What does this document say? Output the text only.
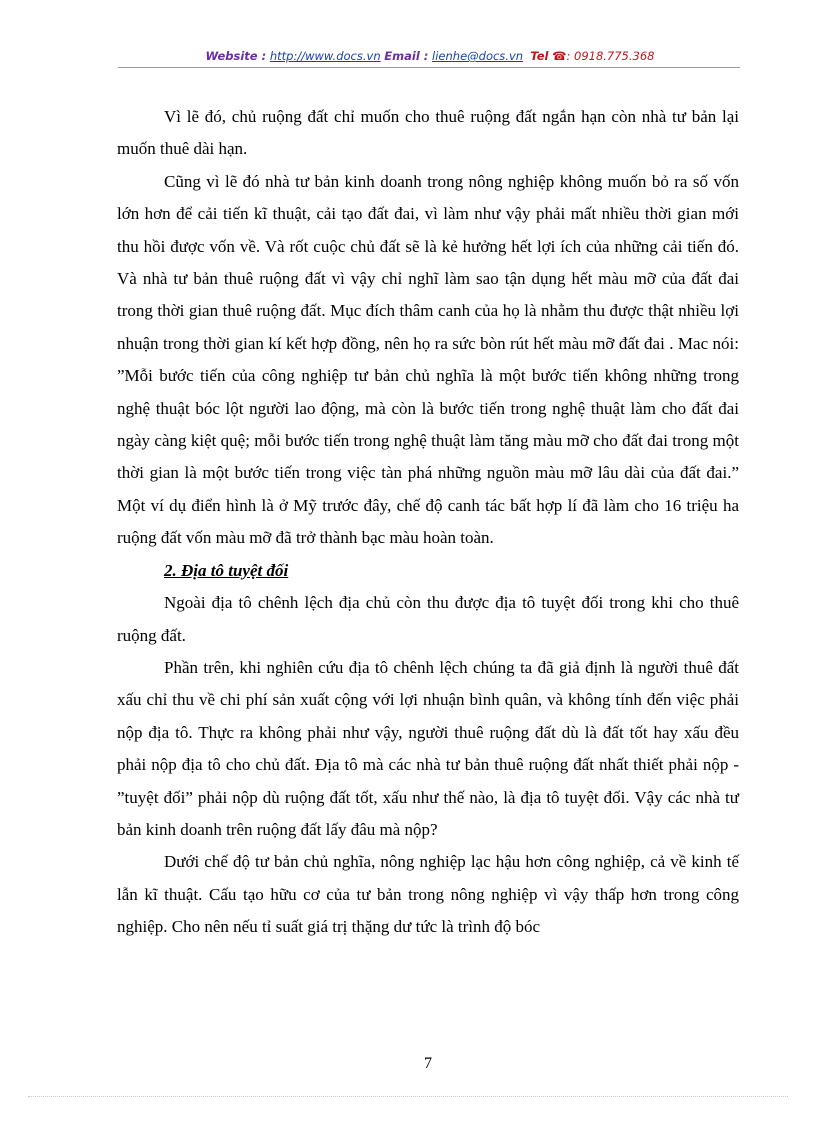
Website : http://www.docs.vn Email : lienhe@docs.vn Tel ☎: 0918.775.368

Vì lẽ đó, chủ ruộng đất chỉ muốn cho thuê ruộng đất ngắn hạn còn nhà tư bản lại muốn thuê dài hạn.

Cũng vì lẽ đó nhà tư bản kinh doanh trong nông nghiệp không muốn bỏ ra số vốn lớn hơn để cải tiến kĩ thuật, cải tạo đất đai, vì làm như vậy phải mất nhiều thời gian mới thu hồi được vốn về. Và rốt cuộc chủ đất sẽ là kẻ hưởng hết lợi ích của những cải tiến đó. Và nhà tư bản thuê ruộng đất vì vậy chỉ nghĩ làm sao tận dụng hết màu mỡ của đất đai trong thời gian thuê ruộng đất. Mục đích thâm canh của họ là nhằm thu được thật nhiều lợi nhuận trong thời gian kí kết hợp đồng, nên họ ra sức bòn rút hết màu mỡ đất đai . Mac nói: ”Mỗi bước tiến của công nghiệp tư bản chủ nghĩa là một bước tiến không những trong nghệ thuật bóc lột người lao động, mà còn là bước tiến trong nghệ thuật làm cho đất đai ngày càng kiệt quệ; mỗi bước tiến trong nghệ thuật làm tăng màu mỡ cho đất đai trong một thời gian là một bước tiến trong việc tàn phá những nguồn màu mỡ lâu dài của đất đai.” Một ví dụ điển hình là ở Mỹ trước đây, chế độ canh tác bất hợp lí đã làm cho 16 triệu ha ruộng đất vốn màu mỡ đã trở thành bạc màu hoàn toàn.

2. Địa tô tuyệt đối

Ngoài địa tô chênh lệch địa chủ còn thu được địa tô tuyệt đối trong khi cho thuê ruộng đất.

Phần trên, khi nghiên cứu địa tô chênh lệch chúng ta đã giả định là người thuê đất xấu chỉ thu về chi phí sản xuất cộng với lợi nhuận bình quân, và không tính đến việc phải nộp địa tô. Thực ra không phải như vậy, người thuê ruộng đất dù là đất tốt hay xấu đều phải nộp địa tô cho chủ đất. Địa tô mà các nhà tư bản thuê ruộng đất nhất thiết phải nộp - ”tuyệt đối” phải nộp dù ruộng đất tốt, xấu như thế nào, là địa tô tuyệt đối. Vậy các nhà tư bản kinh doanh trên ruộng đất lấy đâu mà nộp?

Dưới chế độ tư bản chủ nghĩa, nông nghiệp lạc hậu hơn công nghiệp, cả về kinh tế lẫn kĩ thuật. Cấu tạo hữu cơ của tư bản trong nông nghiệp vì vậy thấp hơn trong công nghiệp. Cho nên nếu tỉ suất giá trị thặng dư tức là trình độ bóc

7
